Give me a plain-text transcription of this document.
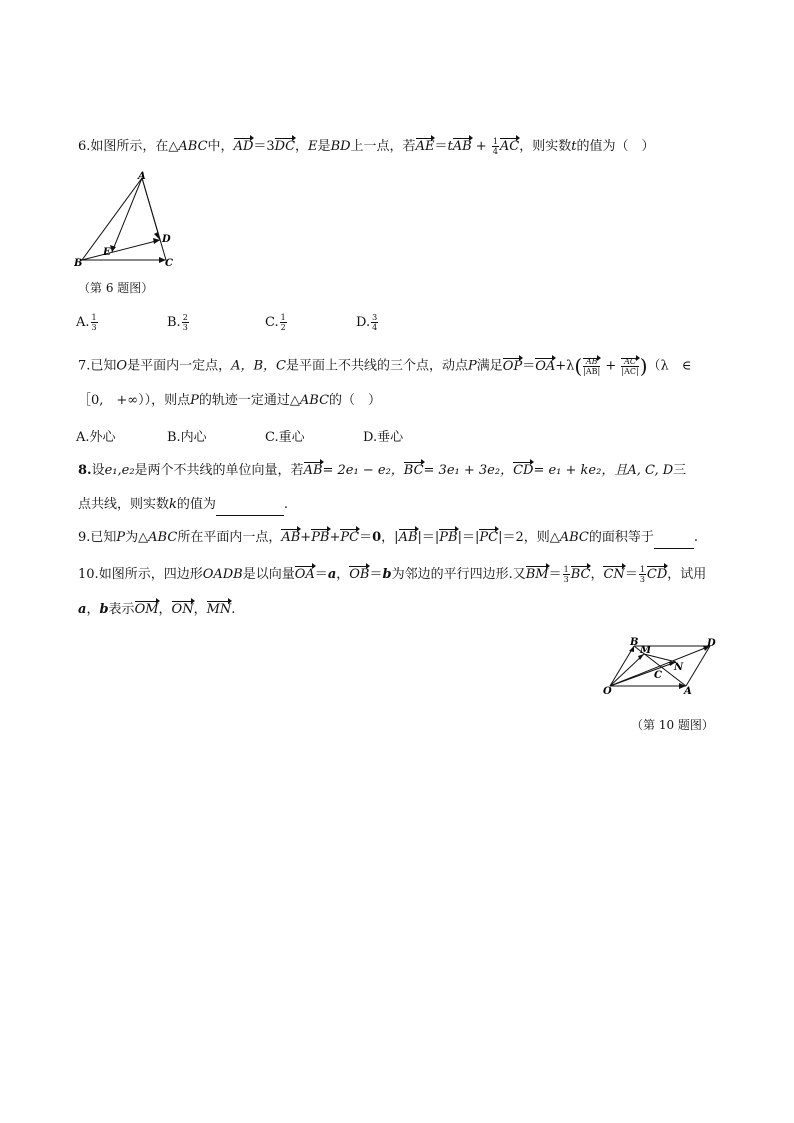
6.如图所示，在△ABC中，AD＝3DC，E是BD上一点，若$AE=tAB + \frac{1}{4}$ AC，则实数t的值为（　）
A
B	C
D
E
（第 6 题图）
A. $\frac{1}{3}$	B. $\frac{2}{3}$	C. $\frac{1}{2}$	D. $\frac{3}{4}$
7.已知O是平面内一定点，A，B，C是平面上不共线的三个点，动点P满足$OP=OA+\lambda( \frac{AB}{|AB|} + \frac{AC}{|AC|} )(\lambda$　∈
［0,　+∞）），则点P的轨迹一定通过△ABC的（　）
A.外心	B.内心	C.重心	D.垂心
8.设e₁,e₂是两个不共线的单位向量，若AB= 2e₁ − e₂，BC= 3e₁ + 3e₂，CD= e₁ + ke₂，且A, C, D三
点共线，则实数k的值为	.
9.已知P为△ABC所在平面内一点，AB+PB+PC＝0，|AB|＝|PB|＝|PC|＝2，则△ABC的面积等于	.
10.如图所示，四边形OADB是以向量OA＝a，OB＝b为邻边的平行四边形.又$BM= \frac{1}{3}$ BC，$CN= \frac{1}{3}$ CD，试用
a，b表示OM，ON，MN.
B
M
D
N
C
O	A
（第 10 题图）
